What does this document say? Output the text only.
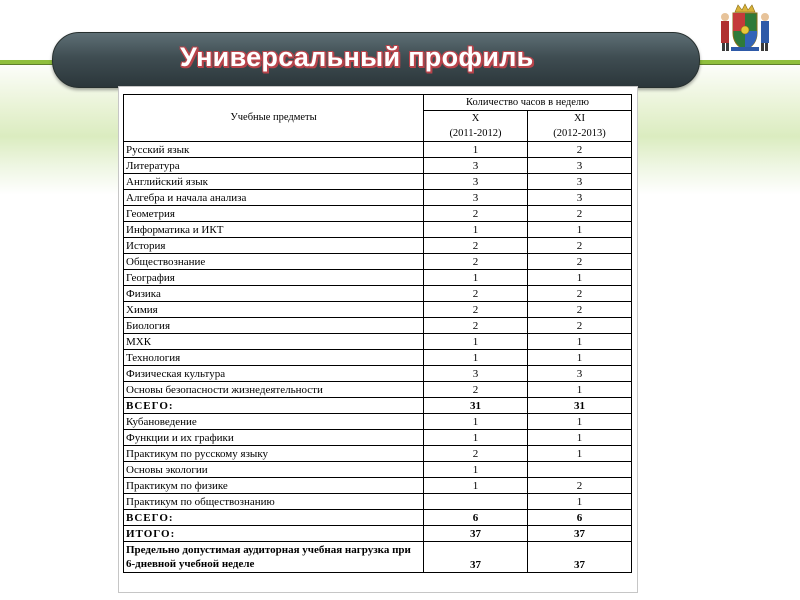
Универсальный профиль
Учебные предметы	Количество часов в неделю	
	X	XI
	(2011-2012)	(2012-2013)
Русский язык	1	2
Литература	3	3
Английский язык	3	3
Алгебра и начала анализа	3	3
Геометрия	2	2
Информатика и ИКТ	1	1
История	2	2
Обществознание	2	2
География	1	1
Физика	2	2
Химия	2	2
Биология	2	2
МХК	1	1
Технология	1	1
Физическая культура	3	3
Основы безопасности жизнедеятельности	2	1
ВСЕГО:	31	31
Кубановедение	1	1
Функции и их графики	1	1
Практикум по русскому языку	2	1
Основы экологии	1	
Практикум по физике	1	2
Практикум по обществознанию		1
ВСЕГО:	6	6
ИТОГО:	37	37
Предельно допустимая аудиторная учебная нагрузка при 6-дневной учебной неделе	37	37
